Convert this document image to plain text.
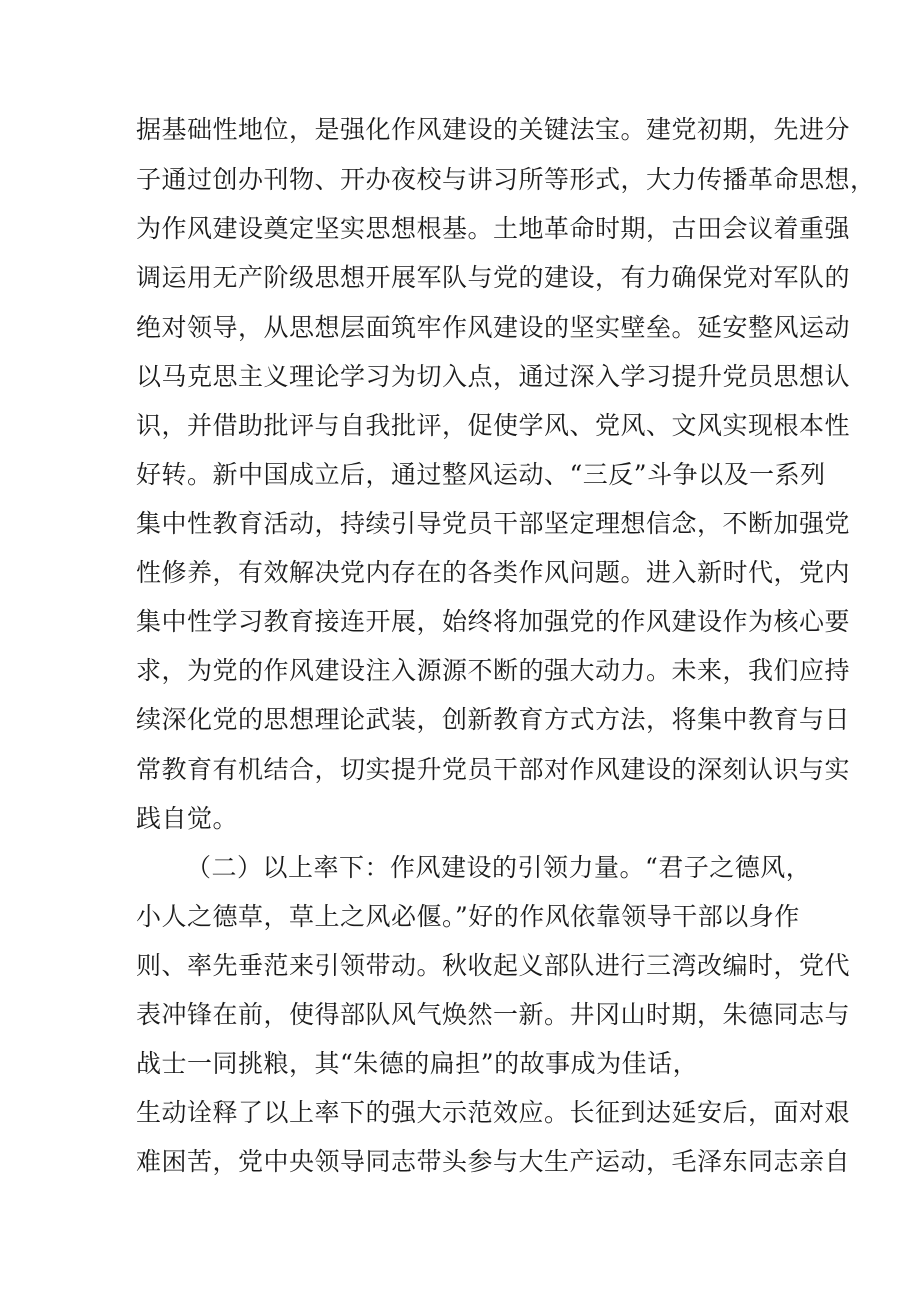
据基础性地位，是强化作风建设的关键法宝。建党初期，先进分
子通过创办刊物、开办夜校与讲习所等形式，大力传播革命思想，
为作风建设奠定坚实思想根基。土地革命时期，古田会议着重强
调运用无产阶级思想开展军队与党的建设，有力确保党对军队的
绝对领导，从思想层面筑牢作风建设的坚实壁垒。延安整风运动
以马克思主义理论学习为切入点，通过深入学习提升党员思想认
识，并借助批评与自我批评，促使学风、党风、文风实现根本性
好转。新中国成立后，通过整风运动、“三反”斗争以及一系列
集中性教育活动，持续引导党员干部坚定理想信念，不断加强党
性修养，有效解决党内存在的各类作风问题。进入新时代，党内
集中性学习教育接连开展，始终将加强党的作风建设作为核心要
求，为党的作风建设注入源源不断的强大动力。未来，我们应持
续深化党的思想理论武装，创新教育方式方法，将集中教育与日
常教育有机结合，切实提升党员干部对作风建设的深刻认识与实
践自觉。
（二）以上率下：作风建设的引领力量。“君子之德风，
小人之德草，草上之风必偃。”好的作风依靠领导干部以身作
则、率先垂范来引领带动。秋收起义部队进行三湾改编时，党代
表冲锋在前，使得部队风气焕然一新。井冈山时期，朱德同志与
战士一同挑粮，其“朱德的扁担”的故事成为佳话，
生动诠释了以上率下的强大示范效应。长征到达延安后，面对艰
难困苦，党中央领导同志带头参与大生产运动，毛泽东同志亲自
